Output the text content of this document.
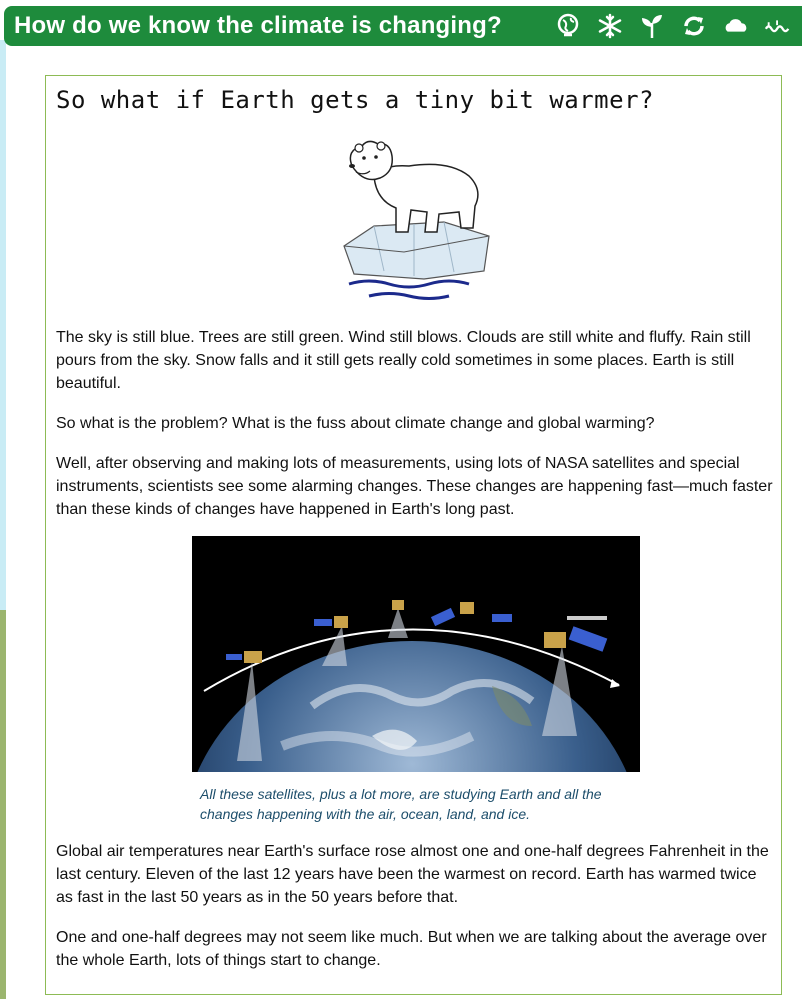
How do we know the climate is changing?
So what if Earth gets a tiny bit warmer?
The sky is still blue. Trees are still green. Wind still blows. Clouds are still white and fluffy. Rain still pours from the sky. Snow falls and it still gets really cold sometimes in some places. Earth is still beautiful.
So what is the problem? What is the fuss about climate change and global warming?
Well, after observing and making lots of measurements, using lots of NASA satellites and special instruments, scientists see some alarming changes. These changes are happening fast—much faster than these kinds of changes have happened in Earth's long past.
All these satellites, plus a lot more, are studying Earth and all the changes happening with the air, ocean, land, and ice.
Global air temperatures near Earth's surface rose almost one and one-half degrees Fahrenheit in the last century. Eleven of the last 12 years have been the warmest on record. Earth has warmed twice as fast in the last 50 years as in the 50 years before that.
One and one-half degrees may not seem like much. But when we are talking about the average over the whole Earth, lots of things start to change.
